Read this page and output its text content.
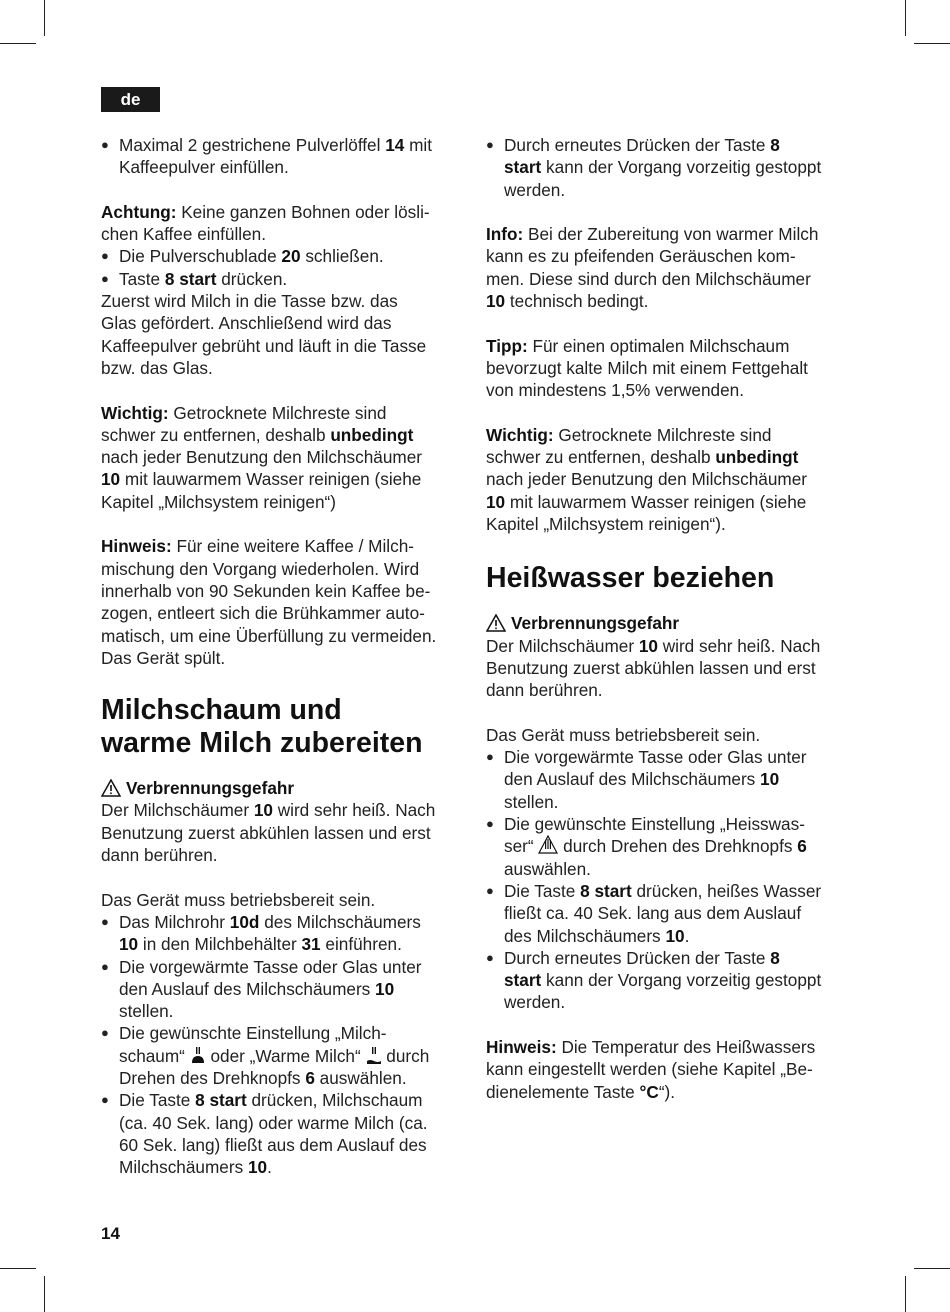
de
● Maximal 2 gestrichene Pulverlöffel 14 mit
Kaffeepulver einfüllen.

Achtung: Keine ganzen Bohnen oder lösli-
chen Kaffee einfüllen.

● Die Pulverschublade 20 schließen.
● Taste 8 start drücken.

Zuerst wird Milch in die Tasse bzw. das
Glas gefördert. Anschließend wird das
Kaffeepulver gebrüht und läuft in die Tasse
bzw. das Glas.

Wichtig: Getrocknete Milchreste sind
schwer zu entfernen, deshalb unbedingt
nach jeder Benutzung den Milchschäumer
10 mit lauwarmem Wasser reinigen (siehe
Kapitel „Milchsystem reinigen“)

Hinweis: Für eine weitere Kaffee / Milch-
mischung den Vorgang wiederholen. Wird
innerhalb von 90 Sekunden kein Kaffee be-
zogen, entleert sich die Brühkammer auto-
matisch, um eine Überfüllung zu vermeiden.
Das Gerät spült.

Milchschaum und
warme Milch zubereiten

Verbrennungsgefahr

Der Milchschäumer 10 wird sehr heiß. Nach
Benutzung zuerst abkühlen lassen und erst
dann berühren.

Das Gerät muss betriebsbereit sein.

● Das Milchrohr 10d des Milchschäumers
10 in den Milchbehälter 31 einführen.
● Die vorgewärmte Tasse oder Glas unter
den Auslauf des Milchschäumers 10
stellen.
● Die gewünschte Einstellung „Milch-
schaum“  oder „Warme Milch“  durch
Drehen des Drehknopfs 6 auswählen.
● Die Taste 8 start drücken, Milchschaum
(ca. 40 Sek. lang) oder warme Milch (ca.
60 Sek. lang) fließt aus dem Auslauf des
Milchschäumers 10.
● Durch erneutes Drücken der Taste 8
start kann der Vorgang vorzeitig gestoppt
werden.

Info: Bei der Zubereitung von warmer Milch
kann es zu pfeifenden Geräuschen kom-
men. Diese sind durch den Milchschäumer
10 technisch bedingt.

Tipp: Für einen optimalen Milchschaum
bevorzugt kalte Milch mit einem Fettgehalt
von mindestens 1,5% verwenden.

Wichtig: Getrocknete Milchreste sind
schwer zu entfernen, deshalb unbedingt
nach jeder Benutzung den Milchschäumer
10 mit lauwarmem Wasser reinigen (siehe
Kapitel „Milchsystem reinigen“).

Heißwasser beziehen

Verbrennungsgefahr

Der Milchschäumer 10 wird sehr heiß. Nach
Benutzung zuerst abkühlen lassen und erst
dann berühren.

Das Gerät muss betriebsbereit sein.

● Die vorgewärmte Tasse oder Glas unter
den Auslauf des Milchschäumers 10
stellen.
● Die gewünschte Einstellung „Heisswas-
ser“  durch Drehen des Drehknopfs 6
auswählen.
● Die Taste 8 start drücken, heißes Wasser
fließt ca. 40 Sek. lang aus dem Auslauf
des Milchschäumers 10.
● Durch erneutes Drücken der Taste 8
start kann der Vorgang vorzeitig gestoppt
werden.

Hinweis: Die Temperatur des Heißwassers
kann eingestellt werden (siehe Kapitel „Be-
dienelemente Taste °C“).

14
